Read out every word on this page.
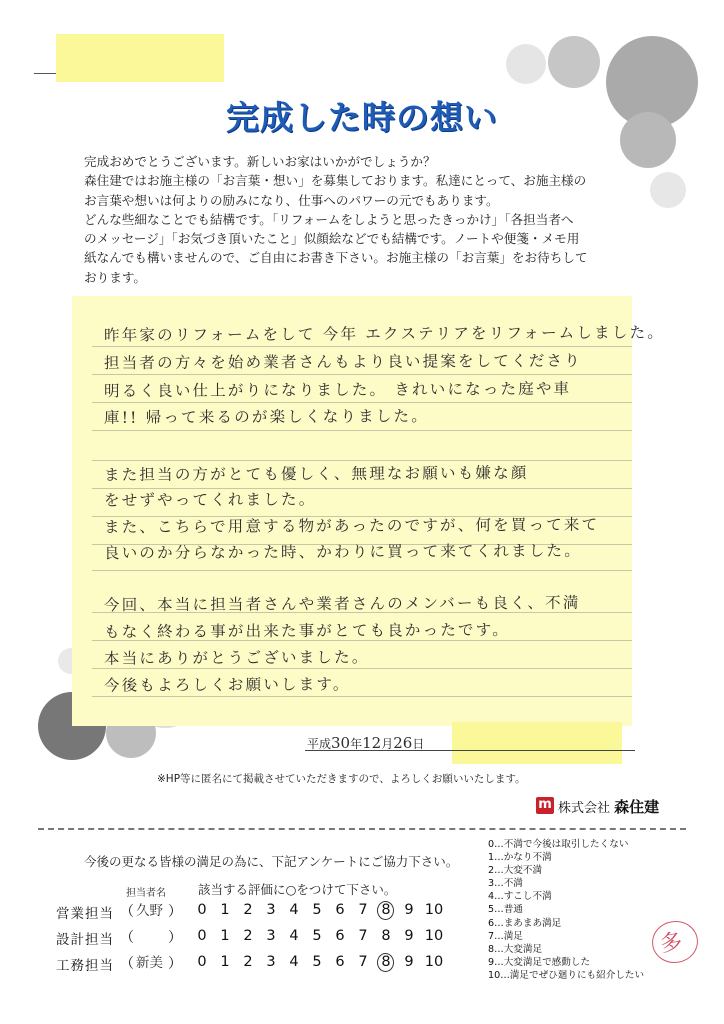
完成した時の想い
完成おめでとうございます。新しいお家はいかがでしょうか？
森住建ではお施主様の「お言葉・想い」を募集しております。私達にとって、お施主様の
お言葉や想いは何よりの励みになり、仕事へのパワーの元でもあります。
どんな些細なことでも結構です。「リフォームをしようと思ったきっかけ」「各担当者へ
のメッセージ」「お気づき頂いたこと」似顔絵などでも結構です。ノートや便箋・メモ用
紙なんでも構いませんので、ご自由にお書き下さい。お施主様の「お言葉」をお待ちして
おります。
昨年家のリフォームをして 今年 エクステリアをリフォームしました。
担当者の方々を始め業者さんもより良い提案をしてくださり
明るく良い仕上がりになりました。 きれいになった庭や車
庫!! 帰って来るのが楽しくなりました。
また担当の方がとても優しく、無理なお願いも嫌な顔
をせずやってくれました。
また、こちらで用意する物があったのですが、何を買って来て
良いのか分らなかった時、かわりに買って来てくれました。
今回、本当に担当者さんや業者さんのメンバーも良く、不満
もなく終わる事が出来た事がとても良かったです。
本当にありがとうございました。
今後もよろしくお願いします。
平成30年12月26日
※HP等に匿名にて掲載させていただきますので、よろしくお願いいたします。
m 株式会社 森住建
今後の更なる皆様の満足の為に、下記アンケートにご協力下さい。
担当者名	該当する評価に○をつけて下さい。
営業担当 （ 久野 ）	0 1 2 3 4 5 6 7 8 9 10
設計担当 （ ）	0 1 2 3 4 5 6 7 8 9 10
工務担当 （ 新美 ）	0 1 2 3 4 5 6 7 8 9 10
0…不満で今後は取引したくない
1…かなり不満
2…大変不満
3…不満
4…すこし不満
5…普通
6…まあまあ満足
7…満足
8…大変満足
9…大変満足で感動した
10…満足でぜひ廻りにも紹介したい
多
